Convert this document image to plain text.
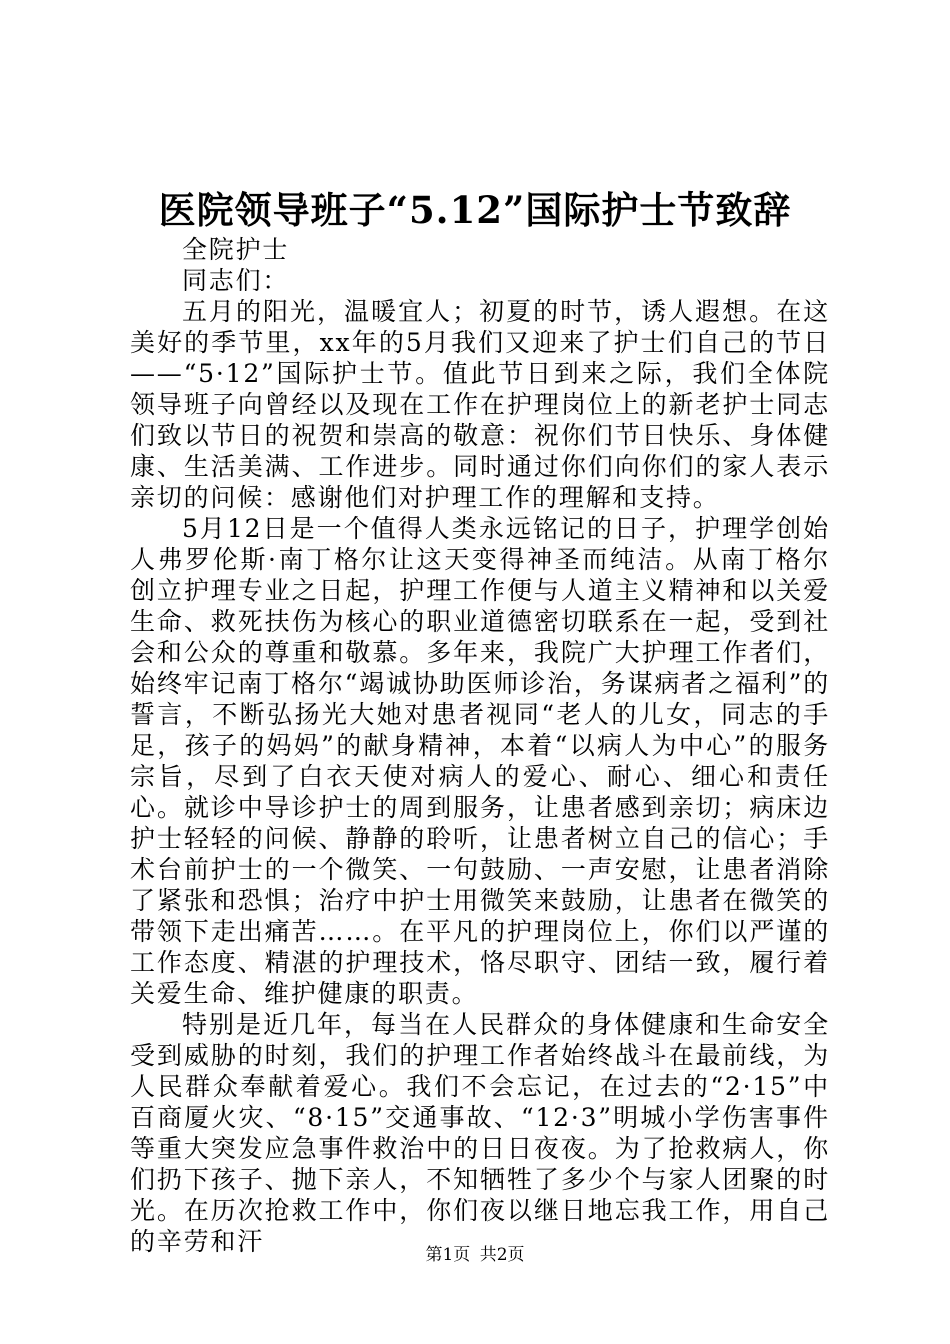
医院领导班子“5.12”国际护士节致辞
全院护士
同志们：
五月的阳光，温暖宜人；初夏的时节，诱人遐想。在这美好的季节里，xx年的5月我们又迎来了护士们自己的节日——“5·12”国际护士节。值此节日到来之际，我们全体院领导班子向曾经以及现在工作在护理岗位上的新老护士同志们致以节日的祝贺和崇高的敬意：祝你们节日快乐、身体健康、生活美满、工作进步。同时通过你们向你们的家人表示亲切的问候：感谢他们对护理工作的理解和支持。
5月12日是一个值得人类永远铭记的日子，护理学创始人弗罗伦斯·南丁格尔让这天变得神圣而纯洁。从南丁格尔创立护理专业之日起，护理工作便与人道主义精神和以关爱生命、救死扶伤为核心的职业道德密切联系在一起，受到社会和公众的尊重和敬慕。多年来，我院广大护理工作者们，始终牢记南丁格尔“竭诚协助医师诊治，务谋病者之福利”的誓言，不断弘扬光大她对患者视同“老人的儿女，同志的手足，孩子的妈妈”的献身精神，本着“以病人为中心”的服务宗旨，尽到了白衣天使对病人的爱心、耐心、细心和责任心。就诊中导诊护士的周到服务，让患者感到亲切；病床边护士轻轻的问候、静静的聆听，让患者树立自己的信心；手术台前护士的一个微笑、一句鼓励、一声安慰，让患者消除了紧张和恐惧；治疗中护士用微笑来鼓励，让患者在微笑的带领下走出痛苦……。在平凡的护理岗位上，你们以严谨的工作态度、精湛的护理技术，恪尽职守、团结一致，履行着关爱生命、维护健康的职责。
特别是近几年，每当在人民群众的身体健康和生命安全受到威胁的时刻，我们的护理工作者始终战斗在最前线，为人民群众奉献着爱心。我们不会忘记，在过去的“2·15”中百商厦火灾、“8·15”交通事故、“12·3”明城小学伤害事件等重大突发应急事件救治中的日日夜夜。为了抢救病人，你们扔下孩子、抛下亲人，不知牺牲了多少个与家人团聚的时光。在历次抢救工作中，你们夜以继日地忘我工作，用自己的辛劳和汗	第1页 共2页
